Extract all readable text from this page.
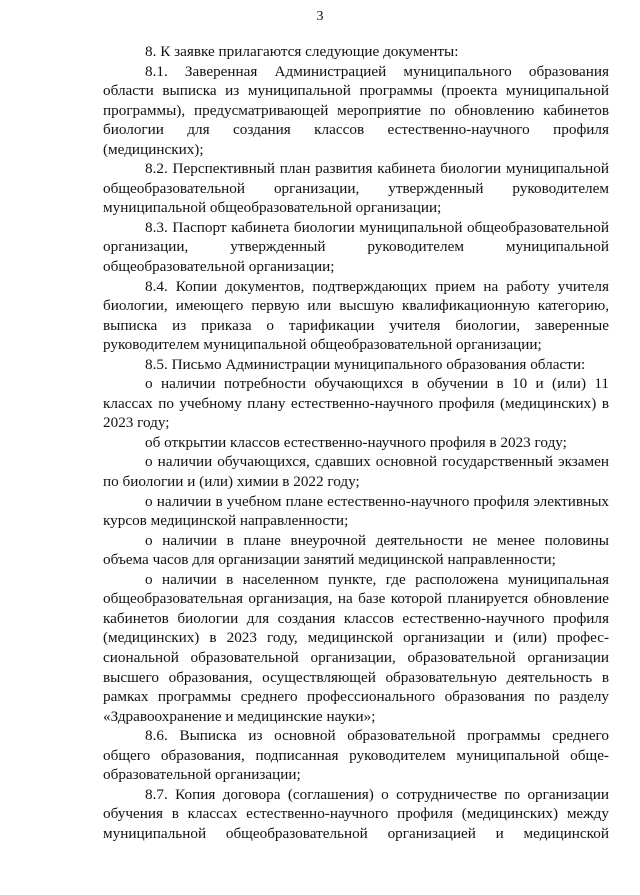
3

8. К заявке прилагаются следующие документы:

8.1. Заверенная Администрацией муниципального образования области выписка из муниципальной программы (проекта муниципальной программы), предусматривающей мероприятие по обновлению кабинетов биологии для создания классов естественно-научного профиля (медицинских);

8.2. Перспективный план развития кабинета биологии муниципальной общеобразовательной организации, утвержденный руководителем муниципальной общеобразовательной организации;

8.3. Паспорт кабинета биологии муниципальной общеобразовательной организации, утвержденный руководителем муниципальной общеобразовательной организации;

8.4. Копии документов, подтверждающих прием на работу учителя биологии, имеющего первую или высшую квалификационную категорию, выписка из приказа о тарификации учителя биологии, заверенные руководителем муниципальной общеобразовательной организации;

8.5. Письмо Администрации муниципального образования области:

о наличии потребности обучающихся в обучении в 10 и (или) 11 классах по учебному плану естественно-научного профиля (медицинских) в 2023 году;

об открытии классов естественно-научного профиля в 2023 году;

о наличии обучающихся, сдавших основной государственный экзамен по биологии и (или) химии в 2022 году;

о наличии в учебном плане естественно-научного профиля элективных курсов медицинской направленности;

о наличии в плане внеурочной деятельности не менее половины объема часов для организации занятий медицинской направленности;

о наличии в населенном пункте, где расположена муниципальная общеобразовательная организация, на базе которой планируется обновление кабинетов биологии для создания классов естественно-научного профиля (медицинских) в 2023 году, медицинской организации и (или) профес- сиональной образовательной организации, образовательной организации высшего образования, осуществляющей образовательную деятельность в рамках программы среднего профессионального образования по разделу «Здравоохранение и медицинские науки»;

8.6. Выписка из основной образовательной программы среднего общего образования, подписанная руководителем муниципальной обще- образовательной организации;

8.7. Копия договора (соглашения) о сотрудничестве по организации обучения в классах естественно-научного профиля (медицинских) между муниципальной общеобразовательной организацией и медицинской
